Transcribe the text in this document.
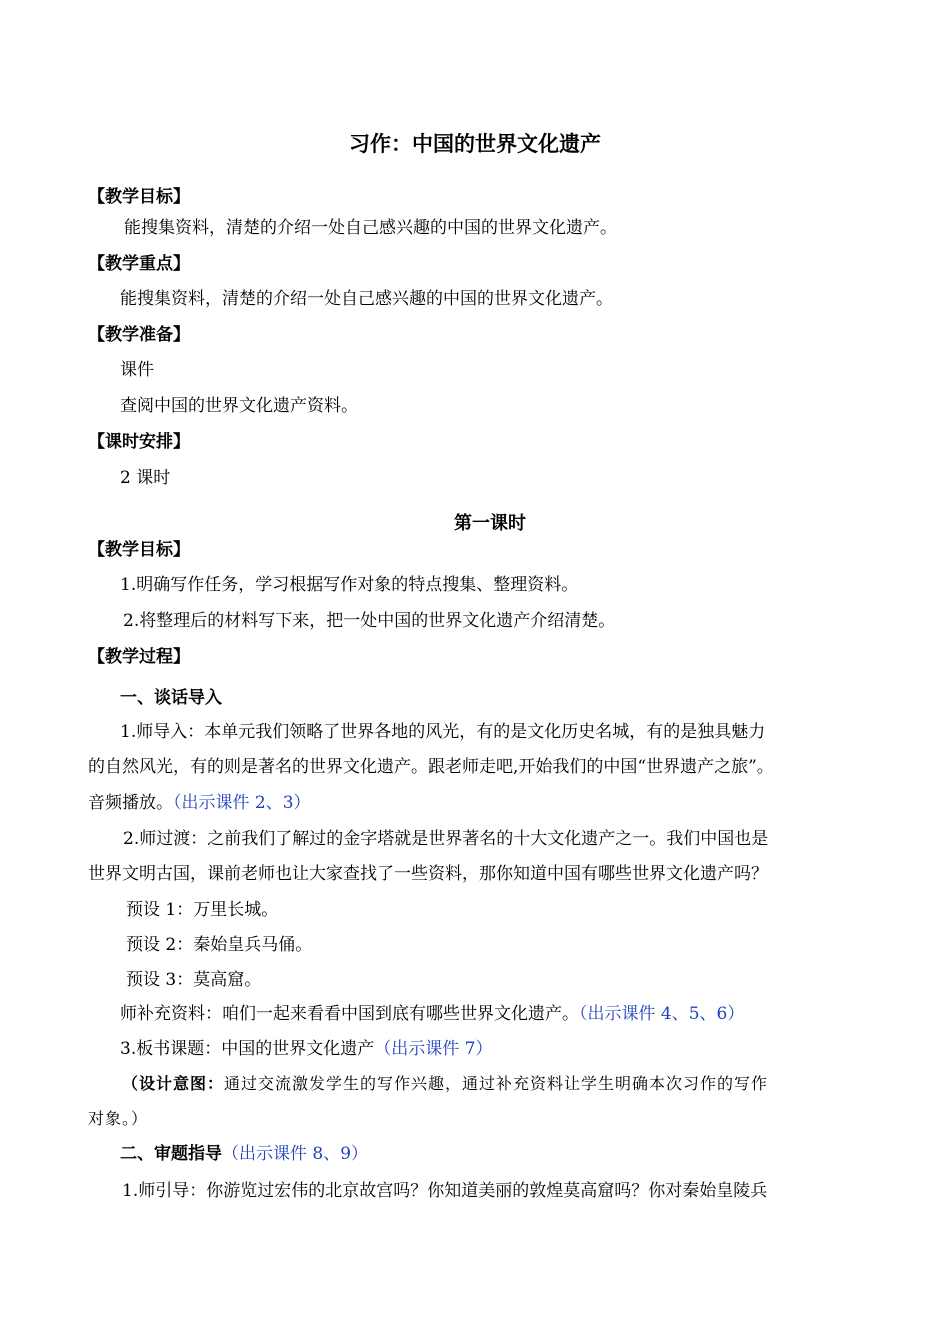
习作：中国的世界文化遗产
【教学目标】
能搜集资料，清楚的介绍一处自己感兴趣的中国的世界文化遗产。
【教学重点】
能搜集资料，清楚的介绍一处自己感兴趣的中国的世界文化遗产。
【教学准备】
课件
查阅中国的世界文化遗产资料。
【课时安排】
2 课时
第一课时
【教学目标】
1.明确写作任务，学习根据写作对象的特点搜集、整理资料。
2.将整理后的材料写下来，把一处中国的世界文化遗产介绍清楚。
【教学过程】
一、谈话导入
1.师导入：本单元我们领略了世界各地的风光，有的是文化历史名城，有的是独具魅力
的自然风光，有的则是著名的世界文化遗产。跟老师走吧,开始我们的中国“世界遗产之旅”。
音频播放。（出示课件 2、3）
2.师过渡：之前我们了解过的金字塔就是世界著名的十大文化遗产之一。我们中国也是
世界文明古国，课前老师也让大家查找了一些资料，那你知道中国有哪些世界文化遗产吗？
预设 1：万里长城。
预设 2：秦始皇兵马俑。
预设 3：莫高窟。
师补充资料：咱们一起来看看中国到底有哪些世界文化遗产。（出示课件 4、5、6）
3.板书课题：中国的世界文化遗产（出示课件 7）
（设计意图：通过交流激发学生的写作兴趣，通过补充资料让学生明确本次习作的写作
对象。）
二、审题指导（出示课件 8、9）
1.师引导：你游览过宏伟的北京故宫吗？你知道美丽的敦煌莫高窟吗？你对秦始皇陵兵
